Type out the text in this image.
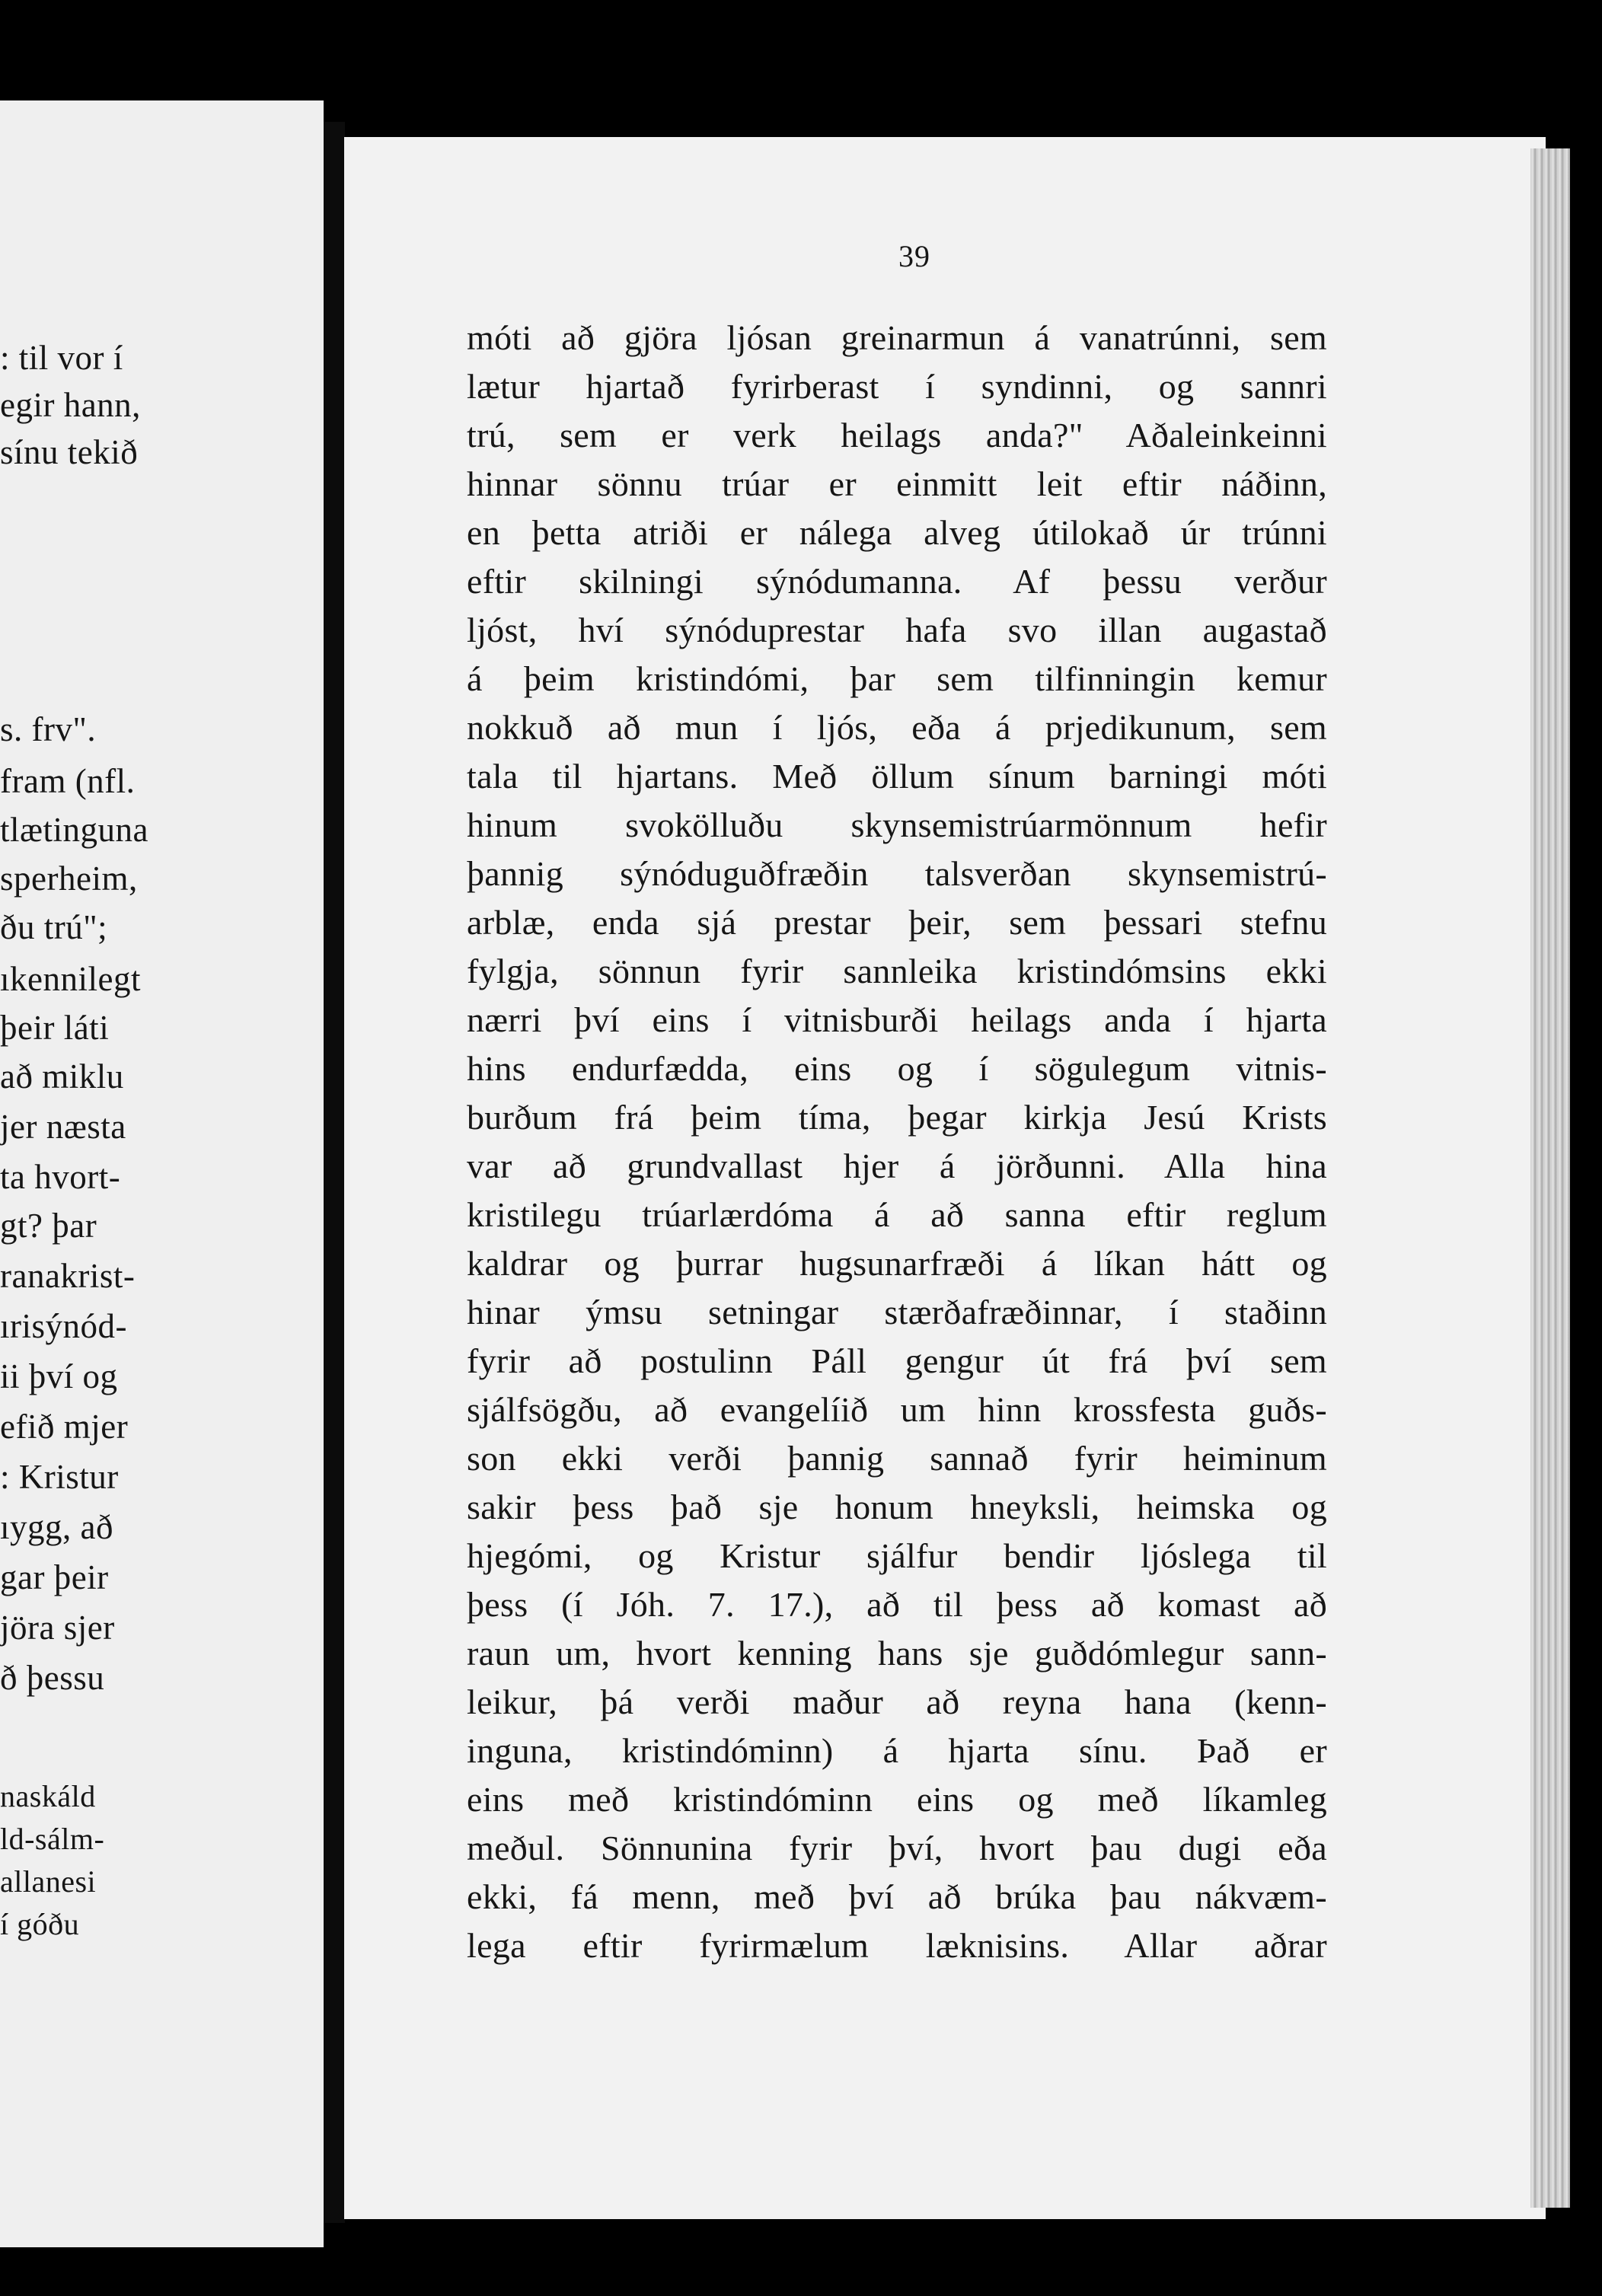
: til vor í
egir hann,
sínu tekið
s. frv".
fram (nfl.
tlætinguna
sperheim,
ðu trú";
ıkennilegt
þeir láti
að miklu
jer næsta
ta hvort-
gt? þar
ranakrist-
ırisýnód-
ii því og
efið mjer
: Kristur
ıygg, að
gar þeir
jöra sjer
ð þessu
naskáld
ld-sálm-
allanesi
í góðu
39
móti að gjöra ljósan greinarmun á vanatrúnni, sem
lætur hjartað fyrirberast í syndinni, og sannri
trú, sem er verk heilags anda?" Aðaleinkeinni
hinnar sönnu trúar er einmitt leit eftir náðinn,
en þetta atriði er nálega alveg útilokað úr trúnni
eftir skilningi sýnódumanna. Af þessu verður
ljóst, hví sýnóduprestar hafa svo illan augastað
á þeim kristindómi, þar sem tilfinningin kemur
nokkuð að mun í ljós, eða á prjedikunum, sem
tala til hjartans. Með öllum sínum barningi móti
hinum svokölluðu skynsemistrúarmönnum hefir
þannig sýnóduguðfræðin talsverðan skynsemistrú-
arblæ, enda sjá prestar þeir, sem þessari stefnu
fylgja, sönnun fyrir sannleika kristindómsins ekki
nærri því eins í vitnisburði heilags anda í hjarta
hins endurfædda, eins og í sögulegum vitnis-
burðum frá þeim tíma, þegar kirkja Jesú Krists
var að grundvallast hjer á jörðunni. Alla hina
kristilegu trúarlærdóma á að sanna eftir reglum
kaldrar og þurrar hugsunarfræði á líkan hátt og
hinar ýmsu setningar stærðafræðinnar, í staðinn
fyrir að postulinn Páll gengur út frá því sem
sjálfsögðu, að evangelíið um hinn krossfesta guðs-
son ekki verði þannig sannað fyrir heiminum
sakir þess það sje honum hneyksli, heimska og
hjegómi, og Kristur sjálfur bendir ljóslega til
þess (í Jóh. 7. 17.), að til þess að komast að
raun um, hvort kenning hans sje guðdómlegur sann-
leikur, þá verði maður að reyna hana (kenn-
inguna, kristindóminn) á hjarta sínu. Það er
eins með kristindóminn eins og með líkamleg
meðul. Sönnunina fyrir því, hvort þau dugi eða
ekki, fá menn, með því að brúka þau nákvæm-
lega eftir fyrirmælum læknisins. Allar aðrar
